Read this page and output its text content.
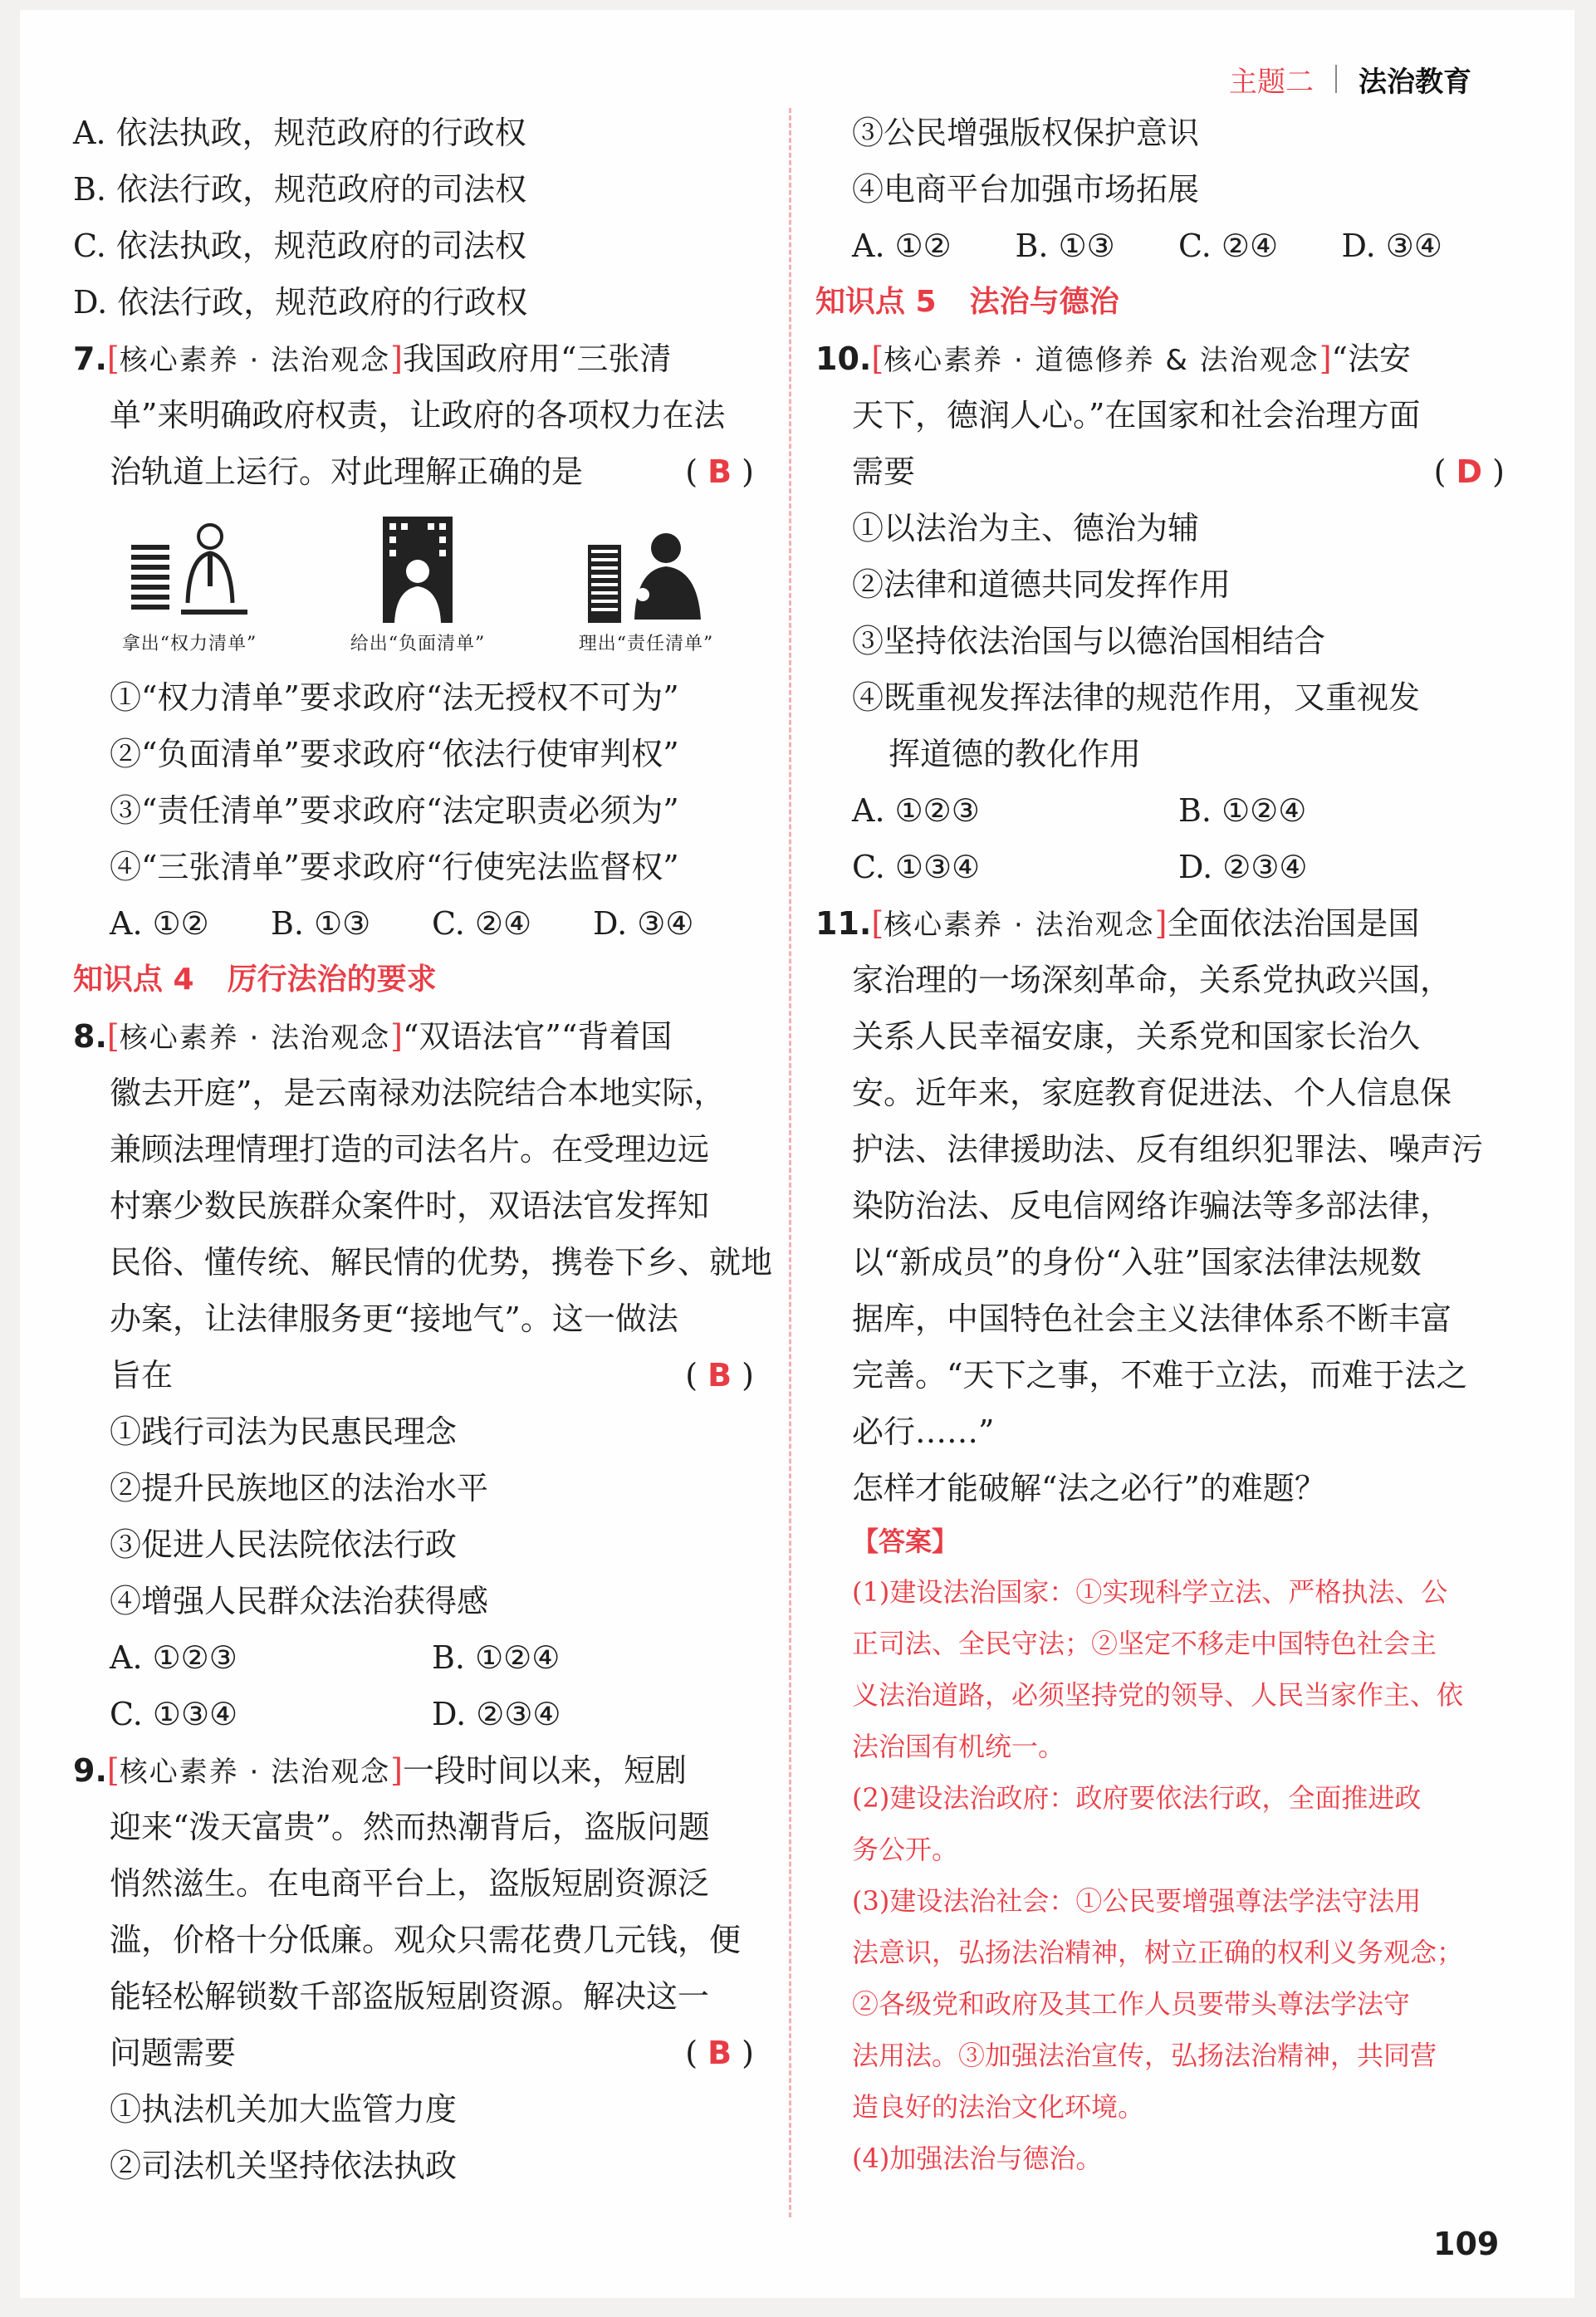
主题二 法治教育
A. 依法执政，规范政府的行政权
B. 依法行政，规范政府的司法权
C. 依法执政，规范政府的司法权
D. 依法行政，规范政府的行政权
7.[核心素养 · 法治观念]我国政府用“三张清
单”来明确政府权责，让政府的各项权力在法
治轨道上运行。对此理解正确的是	( B )
拿出“权力清单”	给出“负面清单”	理出“责任清单”
①“权力清单”要求政府“法无授权不可为”
②“负面清单”要求政府“依法行使审判权”
③“责任清单”要求政府“法定职责必须为”
④“三张清单”要求政府“行使宪法监督权”
A. ①②	B. ①③	C. ②④	D. ③④
知识点 4 厉行法治的要求
8.[核心素养 · 法治观念]“双语法官”“背着国
徽去开庭”，是云南禄劝法院结合本地实际，
兼顾法理情理打造的司法名片。在受理边远
村寨少数民族群众案件时，双语法官发挥知
民俗、懂传统、解民情的优势，携卷下乡、就地
办案，让法律服务更“接地气”。这一做法
旨在	( B )
①践行司法为民惠民理念
②提升民族地区的法治水平
③促进人民法院依法行政
④增强人民群众法治获得感
A. ①②③	B. ①②④
C. ①③④	D. ②③④
9.[核心素养 · 法治观念]一段时间以来，短剧
迎来“泼天富贵”。然而热潮背后，盗版问题
悄然滋生。在电商平台上，盗版短剧资源泛
滥，价格十分低廉。观众只需花费几元钱，便
能轻松解锁数千部盗版短剧资源。解决这一
问题需要	( B )
①执法机关加大监管力度
②司法机关坚持依法执政
③公民增强版权保护意识
④电商平台加强市场拓展
A. ①②	B. ①③	C. ②④	D. ③④
知识点 5 法治与德治
10.[核心素养 · 道德修养 & 法治观念]“法安
天下，德润人心。”在国家和社会治理方面
需要	( D )
①以法治为主、德治为辅
②法律和道德共同发挥作用
③坚持依法治国与以德治国相结合
④既重视发挥法律的规范作用，又重视发
挥道德的教化作用
A. ①②③	B. ①②④
C. ①③④	D. ②③④
11.[核心素养 · 法治观念]全面依法治国是国
家治理的一场深刻革命，关系党执政兴国，
关系人民幸福安康，关系党和国家长治久
安。近年来，家庭教育促进法、个人信息保
护法、法律援助法、反有组织犯罪法、噪声污
染防治法、反电信网络诈骗法等多部法律，
以“新成员”的身份“入驻”国家法律法规数
据库，中国特色社会主义法律体系不断丰富
完善。“天下之事，不难于立法，而难于法之
必行……”
怎样才能破解“法之必行”的难题？
【答案】
(1)建设法治国家：①实现科学立法、严格执法、公
正司法、全民守法；②坚定不移走中国特色社会主
义法治道路，必须坚持党的领导、人民当家作主、依
法治国有机统一。
(2)建设法治政府：政府要依法行政，全面推进政
务公开。
(3)建设法治社会：①公民要增强尊法学法守法用
法意识，弘扬法治精神，树立正确的权利义务观念；
②各级党和政府及其工作人员要带头尊法学法守
法用法。③加强法治宣传，弘扬法治精神，共同营
造良好的法治文化环境。
(4)加强法治与德治。
109
